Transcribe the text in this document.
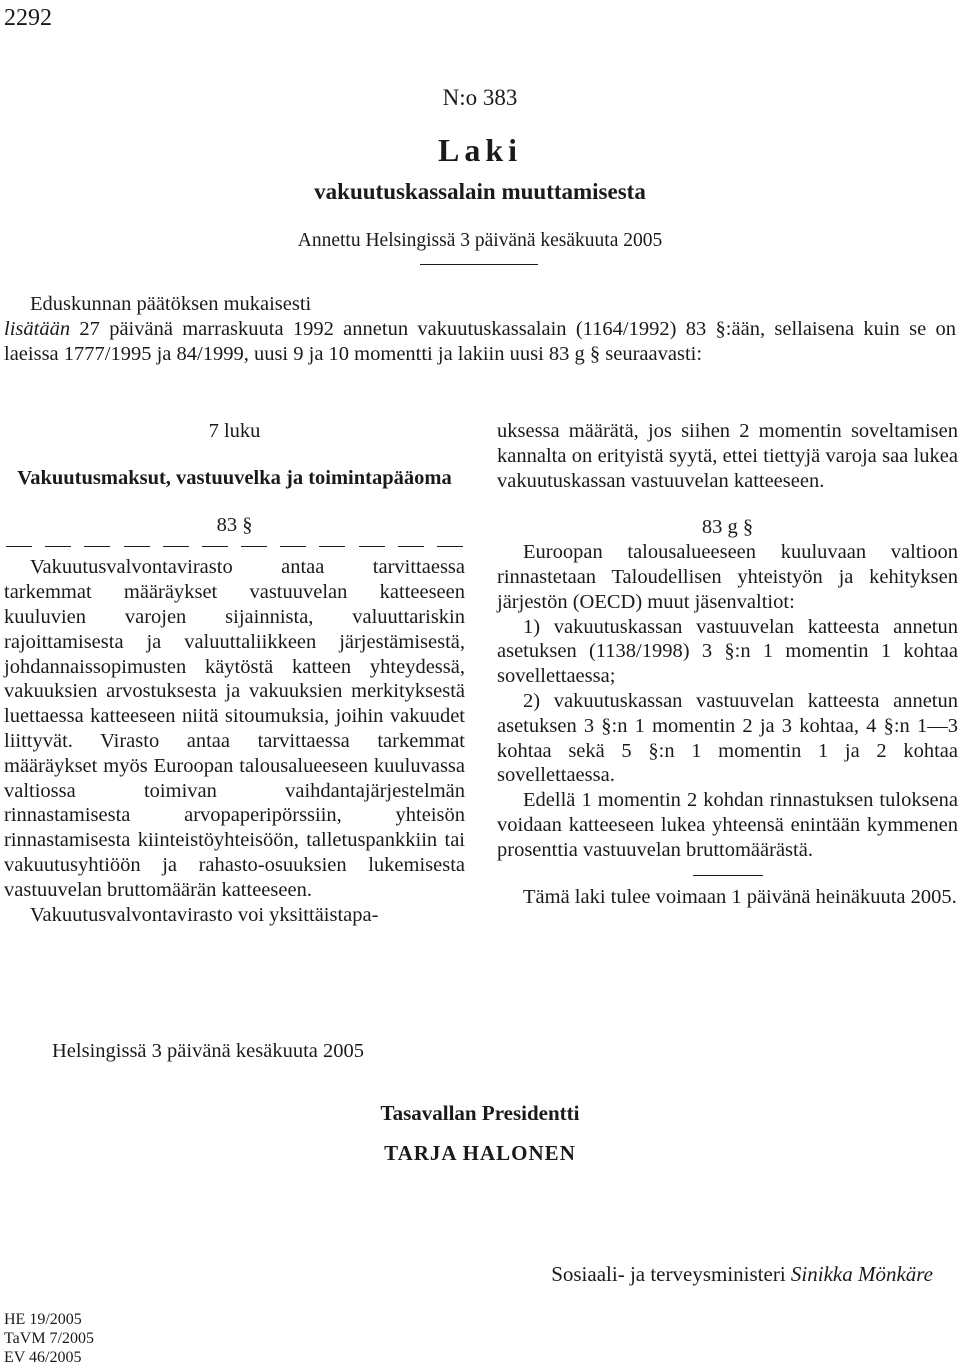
2292
N:o 383
Laki
vakuutuskassalain muuttamisesta
Annettu Helsingissä 3 päivänä kesäkuuta 2005

Eduskunnan päätöksen mukaisesti

lisätään 27 päivänä marraskuuta 1992 annetun vakuutuskassalain (1164/1992) 83 §:ään, sellaisena kuin se on laeissa 1777/1995 ja 84/1999, uusi 9 ja 10 momentti ja lakiin uusi 83 g § seuraavasti:

7 luku

Vakuutusmaksut, vastuuvelka ja toimintapääoma

83 §

Vakuutusvalvontavirasto antaa tarvittaessa tarkemmat määräykset vastuuvelan katteeseen kuuluvien varojen sijainnista, valuuttariskin rajoittamisesta ja valuuttaliikkeen järjestämisestä, johdannaissopimusten käytöstä katteen yhteydessä, vakuuksien arvostuksesta ja vakuuksien merkityksestä luettaessa katteeseen niitä sitoumuksia, joihin vakuudet liittyvät. Virasto antaa tarvittaessa tarkemmat määräykset myös Euroopan talousalueeseen kuuluvassa valtiossa toimivan vaihdantajärjestelmän rinnastamisesta arvopaperipörssiin, yhteisön rinnastamisesta kiinteistöyhteisöön, talletuspankkiin tai vakuutusyhtiöön ja rahasto-osuuksien lukemisesta vastuuvelan bruttomäärän katteeseen.

Vakuutusvalvontavirasto voi yksittäistapa-

uksessa määrätä, jos siihen 2 momentin soveltamisen kannalta on erityistä syytä, ettei tiettyjä varoja saa lukea vakuutuskassan vastuuvelan katteeseen.

83 g §

Euroopan talousalueeseen kuuluvaan valtioon rinnastetaan Taloudellisen yhteistyön ja kehityksen järjestön (OECD) muut jäsenvaltiot:

1) vakuutuskassan vastuuvelan katteesta annetun asetuksen (1138/1998) 3 §:n 1 momentin 1 kohtaa sovellettaessa;

2) vakuutuskassan vastuuvelan katteesta annetun asetuksen 3 §:n 1 momentin 2 ja 3 kohtaa, 4 §:n 1—3 kohtaa sekä 5 §:n 1 momentin 1 ja 2 kohtaa sovellettaessa.

Edellä 1 momentin 2 kohdan rinnastuksen tuloksena voidaan katteeseen lukea yhteensä enintään kymmenen prosenttia vastuuvelan bruttomäärästä.

Tämä laki tulee voimaan 1 päivänä heinäkuuta 2005.

Helsingissä 3 päivänä kesäkuuta 2005
Tasavallan Presidentti
TARJA HALONEN
Sosiaali- ja terveysministeri Sinikka Mönkäre
HE 19/2005
TaVM 7/2005
EV 46/2005
